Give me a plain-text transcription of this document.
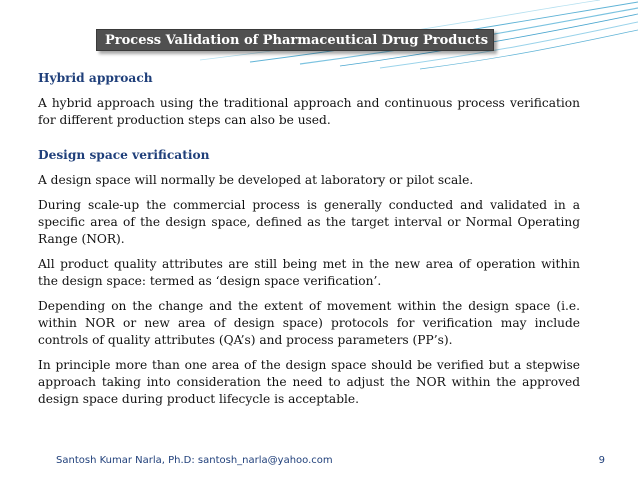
Process Validation of Pharmaceutical Drug Products
Hybrid approach

A hybrid approach using the traditional approach and continuous process verification for different production steps can also be used.

Design space verification

A design space will normally be developed at laboratory or pilot scale.

During scale-up the commercial process is generally conducted and validated in a specific area of the design space, defined as the target interval or Normal Operating Range (NOR).

All product quality attributes are still being met in the new area of operation within the design space: termed as ‘design space verification’.

Depending on the change and the extent of movement within the design space (i.e. within NOR or new area of design space) protocols for verification may include controls of quality attributes (QA’s) and process parameters (PP’s).

In principle more than one area of the design space should be verified but a stepwise approach taking into consideration the need to adjust the NOR within the approved design space during product lifecycle is acceptable.

Santosh Kumar Narla, Ph.D: santosh_narla@yahoo.com	9
